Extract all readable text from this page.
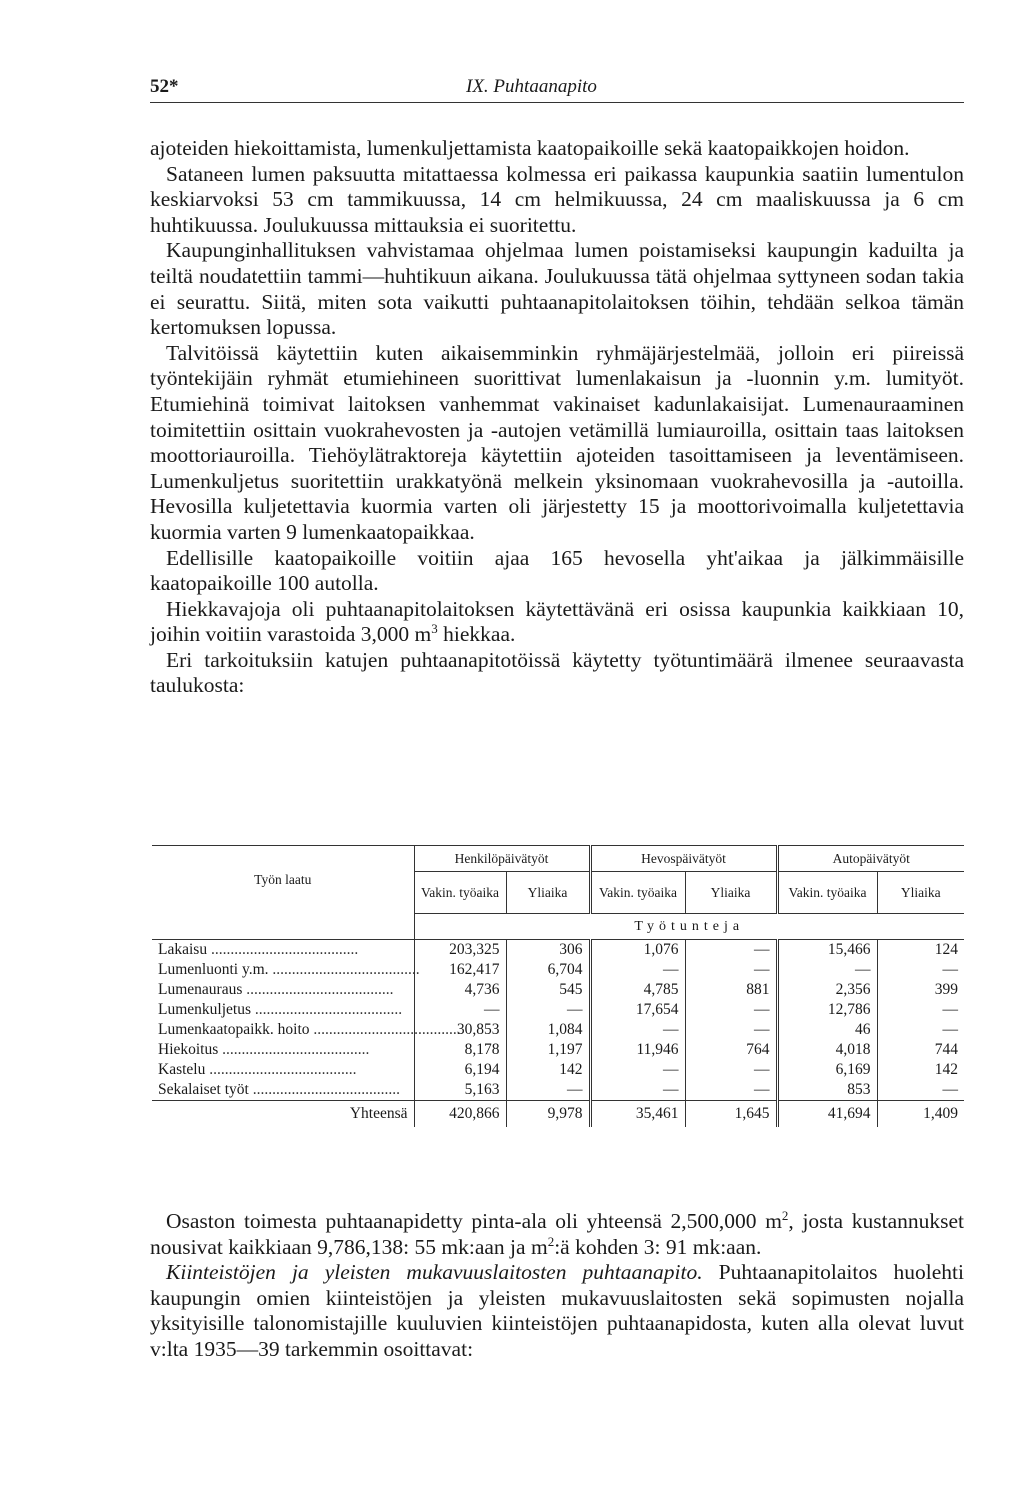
52*	IX. Puhtaanapito

ajoteiden hiekoittamista, lumenkuljettamista kaatopaikoille sekä kaatopaikkojen hoidon.

Sataneen lumen paksuutta mitattaessa kolmessa eri paikassa kaupunkia saatiin lumentulon keskiarvoksi 53 cm tammikuussa, 14 cm helmikuussa, 24 cm maaliskuussa ja 6 cm huhtikuussa. Joulukuussa mittauksia ei suoritettu.

Kaupunginhallituksen vahvistamaa ohjelmaa lumen poistamiseksi kaupungin kaduilta ja teiltä noudatettiin tammi—huhtikuun aikana. Joulukuussa tätä ohjelmaa syttyneen sodan takia ei seurattu. Siitä, miten sota vaikutti puhtaanapitolaitoksen töihin, tehdään selkoa tämän kertomuksen lopussa.

Talvitöissä käytettiin kuten aikaisemminkin ryhmäjärjestelmää, jolloin eri piireissä työntekijäin ryhmät etumiehineen suorittivat lumenlakaisun ja -luonnin y.m. lumityöt. Etumiehinä toimivat laitoksen vanhemmat vakinaiset kadunlakaisijat. Lumenauraaminen toimitettiin osittain vuokrahevosten ja -autojen vetämillä lumiauroilla, osittain taas laitoksen moottoriauroilla. Tiehöylätraktoreja käytettiin ajoteiden tasoittamiseen ja leventämiseen. Lumenkuljetus suoritettiin urakkatyönä melkein yksinomaan vuokrahevosilla ja -autoilla. Hevosilla kuljetettavia kuormia varten oli järjestetty 15 ja moottorivoimalla kuljetettavia kuormia varten 9 lumenkaatopaikkaa.

Edellisille kaatopaikoille voitiin ajaa 165 hevosella yht'aikaa ja jälkimmäisille kaatopaikoille 100 autolla.

Hiekkavajoja oli puhtaanapitolaitoksen käytettävänä eri osissa kaupunkia kaikkiaan 10, joihin voitiin varastoida 3,000 $m^3$ hiekkaa.

Eri tarkoituksiin katujen puhtaanapitotöissä käytetty työtuntimäärä ilmenee seuraavasta taulukosta:

Työn laatu	Henkilöpäivätyöt		Hevospäivätyöt		Autopäivätyöt	
	Vakin. työaika	Yliaika	Vakin. työaika	Yliaika	Vakin. työaika	Yliaika
	Työtunteja					
Lakaisu ......................................	203,325	306	1,076	—	15,466	124
Lumenluonti y.m. ......................................	162,417	6,704	—	—	—	—
Lumenauraus ......................................	4,736	545	4,785	881	2,356	399
Lumenkuljetus ......................................	—	—	17,654	—	12,786	—
Lumenkaatopaikk. hoito ......................................	30,853	1,084	—	—	46	—
Hiekoitus ......................................	8,178	1,197	11,946	764	4,018	744
Kastelu ......................................	6,194	142	—	—	6,169	142
Sekalaiset työt ......................................	5,163	—	—	—	853	—
Yhteensä	420,866	9,978	35,461	1,645	41,694	1,409

Osaston toimesta puhtaanapidetty pinta-ala oli yhteensä 2,500,000 $m^2$, josta kustannukset nousivat kaikkiaan 9,786,138: 55 mk:aan ja $m^2:ä$ kohden 3: 91 mk:aan.

Kiinteistöjen ja yleisten mukavuuslaitosten puhtaanapito. Puhtaanapitolaitos huolehti kaupungin omien kiinteistöjen ja yleisten mukavuuslaitosten sekä sopimusten nojalla yksityisille talonomistajille kuuluvien kiinteistöjen puhtaanapidosta, kuten alla olevat luvut v:lta 1935—39 tarkemmin osoittavat:
